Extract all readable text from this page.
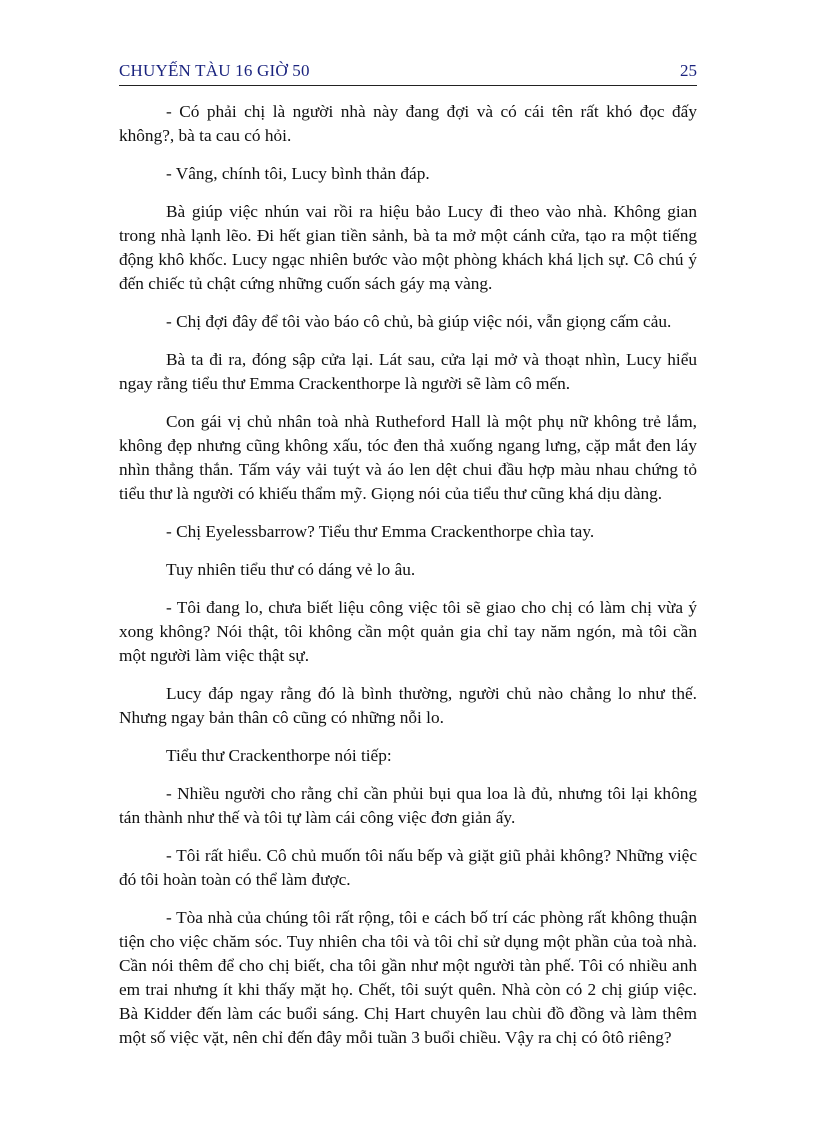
CHUYẾN TÀU 16 GIỜ 50	25

- Có phải chị là người nhà này đang đợi và có cái tên rất khó đọc đấy không?, bà ta cau có hỏi.

- Vâng, chính tôi, Lucy bình thản đáp.

Bà giúp việc nhún vai rồi ra hiệu bảo Lucy đi theo vào nhà. Không gian trong nhà lạnh lẽo. Đi hết gian tiền sảnh, bà ta mở một cánh cửa, tạo ra một tiếng động khô khốc. Lucy ngạc nhiên bước vào một phòng khách khá lịch sự. Cô chú ý đến chiếc tủ chật cứng những cuốn sách gáy mạ vàng.

- Chị đợi đây để tôi vào báo cô chủ, bà giúp việc nói, vẫn giọng cấm cảu.

Bà ta đi ra, đóng sập cửa lại. Lát sau, cửa lại mở và thoạt nhìn, Lucy hiểu ngay rằng tiểu thư Emma Crackenthorpe là người sẽ làm cô mến.

Con gái vị chủ nhân toà nhà Rutheford Hall là một phụ nữ không trẻ lắm, không đẹp nhưng cũng không xấu, tóc đen thả xuống ngang lưng, cặp mắt đen láy nhìn thẳng thắn. Tấm váy vải tuýt và áo len dệt chui đầu hợp màu nhau chứng tỏ tiểu thư là người có khiếu thẩm mỹ. Giọng nói của tiểu thư cũng khá dịu dàng.

- Chị Eyelessbarrow? Tiểu thư Emma Crackenthorpe chìa tay.

Tuy nhiên tiểu thư có dáng vẻ lo âu.

- Tôi đang lo, chưa biết liệu công việc tôi sẽ giao cho chị có làm chị vừa ý xong không? Nói thật, tôi không cần một quản gia chỉ tay năm ngón, mà tôi cần một người làm việc thật sự.

Lucy đáp ngay rằng đó là bình thường, người chủ nào chẳng lo như thế. Nhưng ngay bản thân cô cũng có những nỗi lo.

Tiểu thư Crackenthorpe nói tiếp:

- Nhiều người cho rằng chỉ cần phủi bụi qua loa là đủ, nhưng tôi lại không tán thành như thế và tôi tự làm cái công việc đơn giản ấy.

- Tôi rất hiểu. Cô chủ muốn tôi nấu bếp và giặt giũ phải không? Những việc đó tôi hoàn toàn có thể làm được.

- Tòa nhà của chúng tôi rất rộng, tôi e cách bố trí các phòng rất không thuận tiện cho việc chăm sóc. Tuy nhiên cha tôi và tôi chỉ sử dụng một phần của toà nhà. Cần nói thêm để cho chị biết, cha tôi gần như một người tàn phế. Tôi có nhiều anh em trai nhưng ít khi thấy mặt họ. Chết, tôi suýt quên. Nhà còn có 2 chị giúp việc. Bà Kidder đến làm các buổi sáng. Chị Hart chuyên lau chùi đồ đồng và làm thêm một số việc vặt, nên chỉ đến đây mỗi tuần 3 buổi chiều. Vậy ra chị có ôtô riêng?
